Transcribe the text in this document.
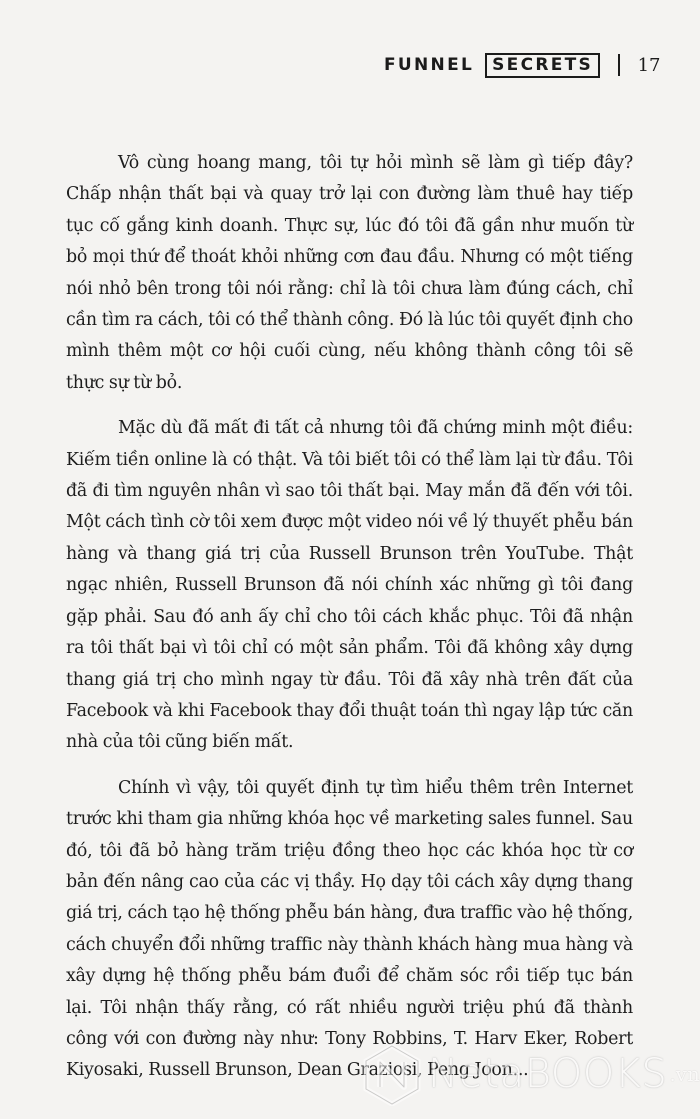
FUNNEL	SECRETS	17

Vô cùng hoang mang, tôi tự hỏi mình sẽ làm gì tiếp đây? Chấp nhận thất bại và quay trở lại con đường làm thuê hay tiếp tục cố gắng kinh doanh. Thực sự, lúc đó tôi đã gần như muốn từ bỏ mọi thứ để thoát khỏi những cơn đau đầu. Nhưng có một tiếng nói nhỏ bên trong tôi nói rằng: chỉ là tôi chưa làm đúng cách, chỉ cần tìm ra cách, tôi có thể thành công. Đó là lúc tôi quyết định cho mình thêm một cơ hội cuối cùng, nếu không thành công tôi sẽ thực sự từ bỏ.

Mặc dù đã mất đi tất cả nhưng tôi đã chứng minh một điều: Kiếm tiền online là có thật. Và tôi biết tôi có thể làm lại từ đầu. Tôi đã đi tìm nguyên nhân vì sao tôi thất bại. May mắn đã đến với tôi. Một cách tình cờ tôi xem được một video nói về lý thuyết phễu bán hàng và thang giá trị của Russell Brunson trên YouTube. Thật ngạc nhiên, Russell Brunson đã nói chính xác những gì tôi đang gặp phải. Sau đó anh ấy chỉ cho tôi cách khắc phục. Tôi đã nhận ra tôi thất bại vì tôi chỉ có một sản phẩm. Tôi đã không xây dựng thang giá trị cho mình ngay từ đầu. Tôi đã xây nhà trên đất của Facebook và khi Facebook thay đổi thuật toán thì ngay lập tức căn nhà của tôi cũng biến mất.

Chính vì vậy, tôi quyết định tự tìm hiểu thêm trên Internet trước khi tham gia những khóa học về marketing sales funnel. Sau đó, tôi đã bỏ hàng trăm triệu đồng theo học các khóa học từ cơ bản đến nâng cao của các vị thầy. Họ dạy tôi cách xây dựng thang giá trị, cách tạo hệ thống phễu bán hàng, đưa traffic vào hệ thống, cách chuyển đổi những traffic này thành khách hàng mua hàng và xây dựng hệ thống phễu bám đuổi để chăm sóc rồi tiếp tục bán lại. Tôi nhận thấy rằng, có rất nhiều người triệu phú đã thành công với con đường này như: Tony Robbins, T. Harv Eker, Robert Kiyosaki, Russell Brunson, Dean Graziosi, Peng Joon...

NetaBOOKS .vn
